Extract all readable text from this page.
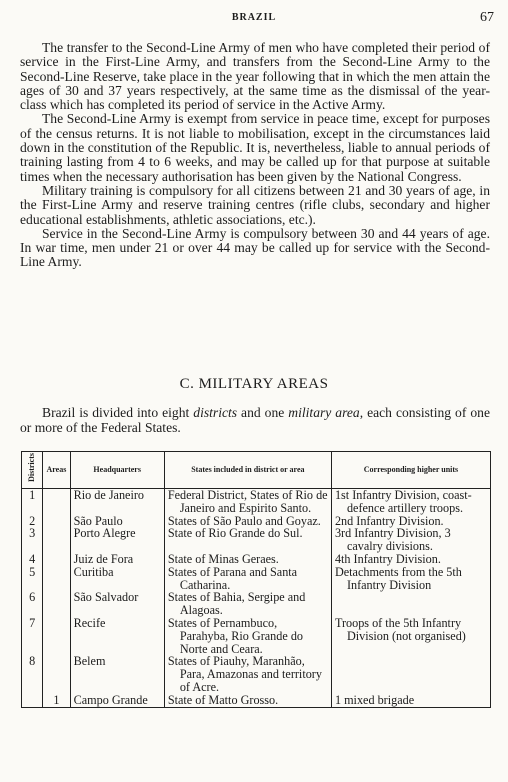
BRAZIL	67

The transfer to the Second-Line Army of men who have completed their period of service in the First-Line Army, and transfers from the Second-Line Army to the Second-Line Reserve, take place in the year following that in which the men attain the ages of 30 and 37 years respectively, at the same time as the dismissal of the year-class which has completed its period of service in the Active Army.

The Second-Line Army is exempt from service in peace time, except for purposes of the census returns. It is not liable to mobilisation, except in the circumstances laid down in the constitution of the Republic. It is, nevertheless, liable to annual periods of training lasting from 4 to 6 weeks, and may be called up for that purpose at suitable times when the necessary authorisation has been given by the National Congress.

Military training is compulsory for all citizens between 21 and 30 years of age, in the First-Line Army and reserve training centres (rifle clubs, secondary and higher educational establishments, athletic associations, etc.).

Service in the Second-Line Army is compulsory between 30 and 44 years of age. In war time, men under 21 or over 44 may be called up for service with the Second-Line Army.

C. MILITARY AREAS

Brazil is divided into eight districts and one military area, each consisting of one or more of the Federal States.

Districts	Areas	Headquarters	States included in district or area	Corresponding higher units
1		Rio de Janeiro	Federal District, States of Rio de Janeiro and Espirito Santo.	1st Infantry Division, coast-defence artillery troops.

2		São Paulo	States of São Paulo and Goyaz.	2nd Infantry Division.

3		Porto Alegre	State of Rio Grande do Sul.	3rd Infantry Division, 3 cavalry divisions.

4		Juiz de Fora	State of Minas Geraes.	4th Infantry Division.

5		Curitiba	States of Parana and Santa Catharina.	Detachments from the 5th Infantry Division

6		São Salvador	States of Bahia, Sergipe and Alagoas.	

7		Recife	States of Pernambuco, Parahyba, Rio Grande do Norte and Ceara.	Troops of the 5th Infantry Division (not organised)

8		Belem	States of Piauhy, Maranhão, Para, Amazonas and territory of Acre.	

	1	Campo Grande	State of Matto Grosso.	1 mixed brigade
